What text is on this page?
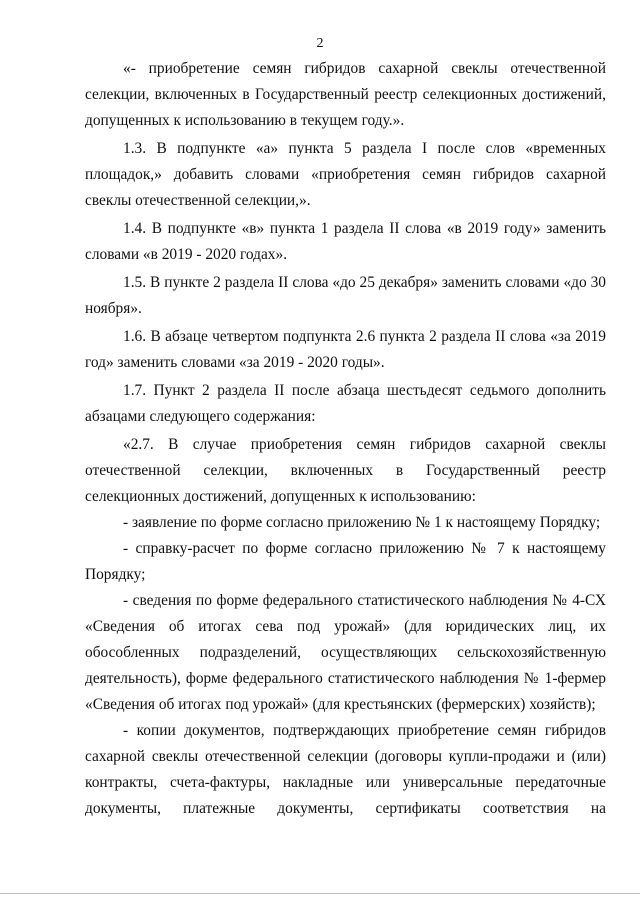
2

«- приобретение семян гибридов сахарной свеклы отечественной селекции, включенных в Государственный реестр селекционных достижений, допущенных к использованию в текущем году.».

1.3. В подпункте «а» пункта 5 раздела I после слов «временных площадок,» добавить словами «приобретения семян гибридов сахарной свеклы отечественной селекции,».

1.4. В подпункте «в» пункта 1 раздела II слова «в 2019 году» заменить словами «в 2019 - 2020 годах».

1.5. В пункте 2 раздела II слова «до 25 декабря» заменить словами «до 30 ноября».

1.6. В абзаце четвертом подпункта 2.6 пункта 2 раздела II слова «за 2019 год» заменить словами «за 2019 - 2020 годы».

1.7. Пункт 2 раздела II после абзаца шестьдесят седьмого дополнить абзацами следующего содержания:

«2.7. В случае приобретения семян гибридов сахарной свеклы отечественной селекции, включенных в Государственный реестр селекционных достижений, допущенных к использованию:

- заявление по форме согласно приложению № 1 к настоящему Порядку;

- справку-расчет по форме согласно приложению № 7 к настоящему Порядку;

- сведения по форме федерального статистического наблюдения № 4-СХ «Сведения об итогах сева под урожай» (для юридических лиц, их обособленных подразделений, осуществляющих сельскохозяйственную деятельность), форме федерального статистического наблюдения № 1-фермер «Сведения об итогах под урожай» (для крестьянских (фермерских) хозяйств);

- копии документов, подтверждающих приобретение семян гибридов сахарной свеклы отечественной селекции (договоры купли-продажи и (или) контракты, счета-фактуры, накладные или универсальные передаточные документы, платежные документы, сертификаты соответствия на
